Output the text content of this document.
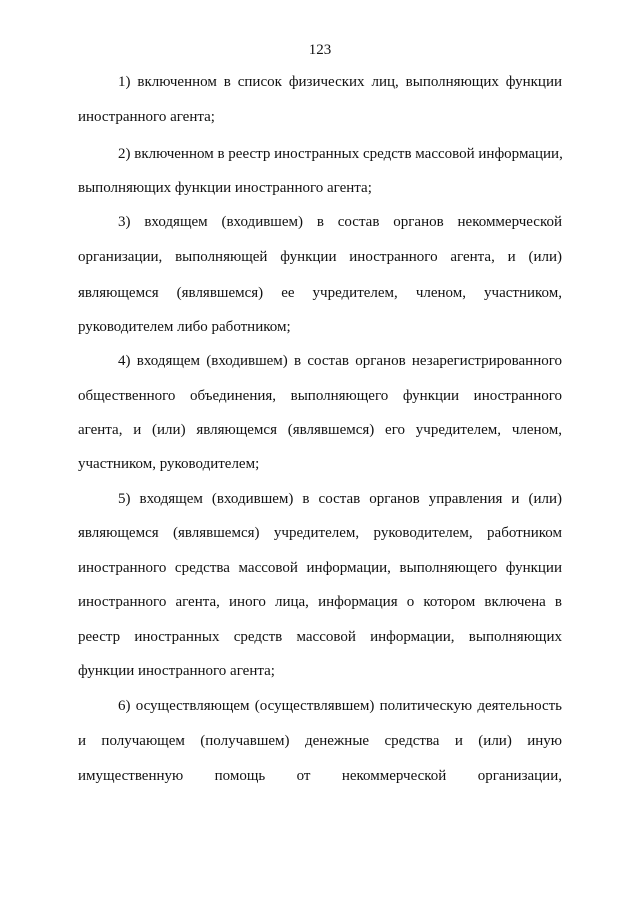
123
1) включенном в список физических лиц, выполняющих функции
иностранного агента;
2) включенном в реестр иностранных средств массовой информации,
выполняющих функции иностранного агента;
3) входящем (входившем) в состав органов некоммерческой
организации, выполняющей функции иностранного агента, и (или)
являющемся (являвшемся) ее учредителем, членом, участником,
руководителем либо работником;
4) входящем (входившем) в состав органов незарегистрированного
общественного объединения, выполняющего функции иностранного
агента, и (или) являющемся (являвшемся) его учредителем, членом,
участником, руководителем;
5) входящем (входившем) в состав органов управления и (или)
являющемся (являвшемся) учредителем, руководителем, работником
иностранного средства массовой информации, выполняющего функции
иностранного агента, иного лица, информация о котором включена в
реестр иностранных средств массовой информации, выполняющих
функции иностранного агента;
6) осуществляющем (осуществлявшем) политическую деятельность
и получающем (получавшем) денежные средства и (или) иную
имущественную помощь от некоммерческой организации,
